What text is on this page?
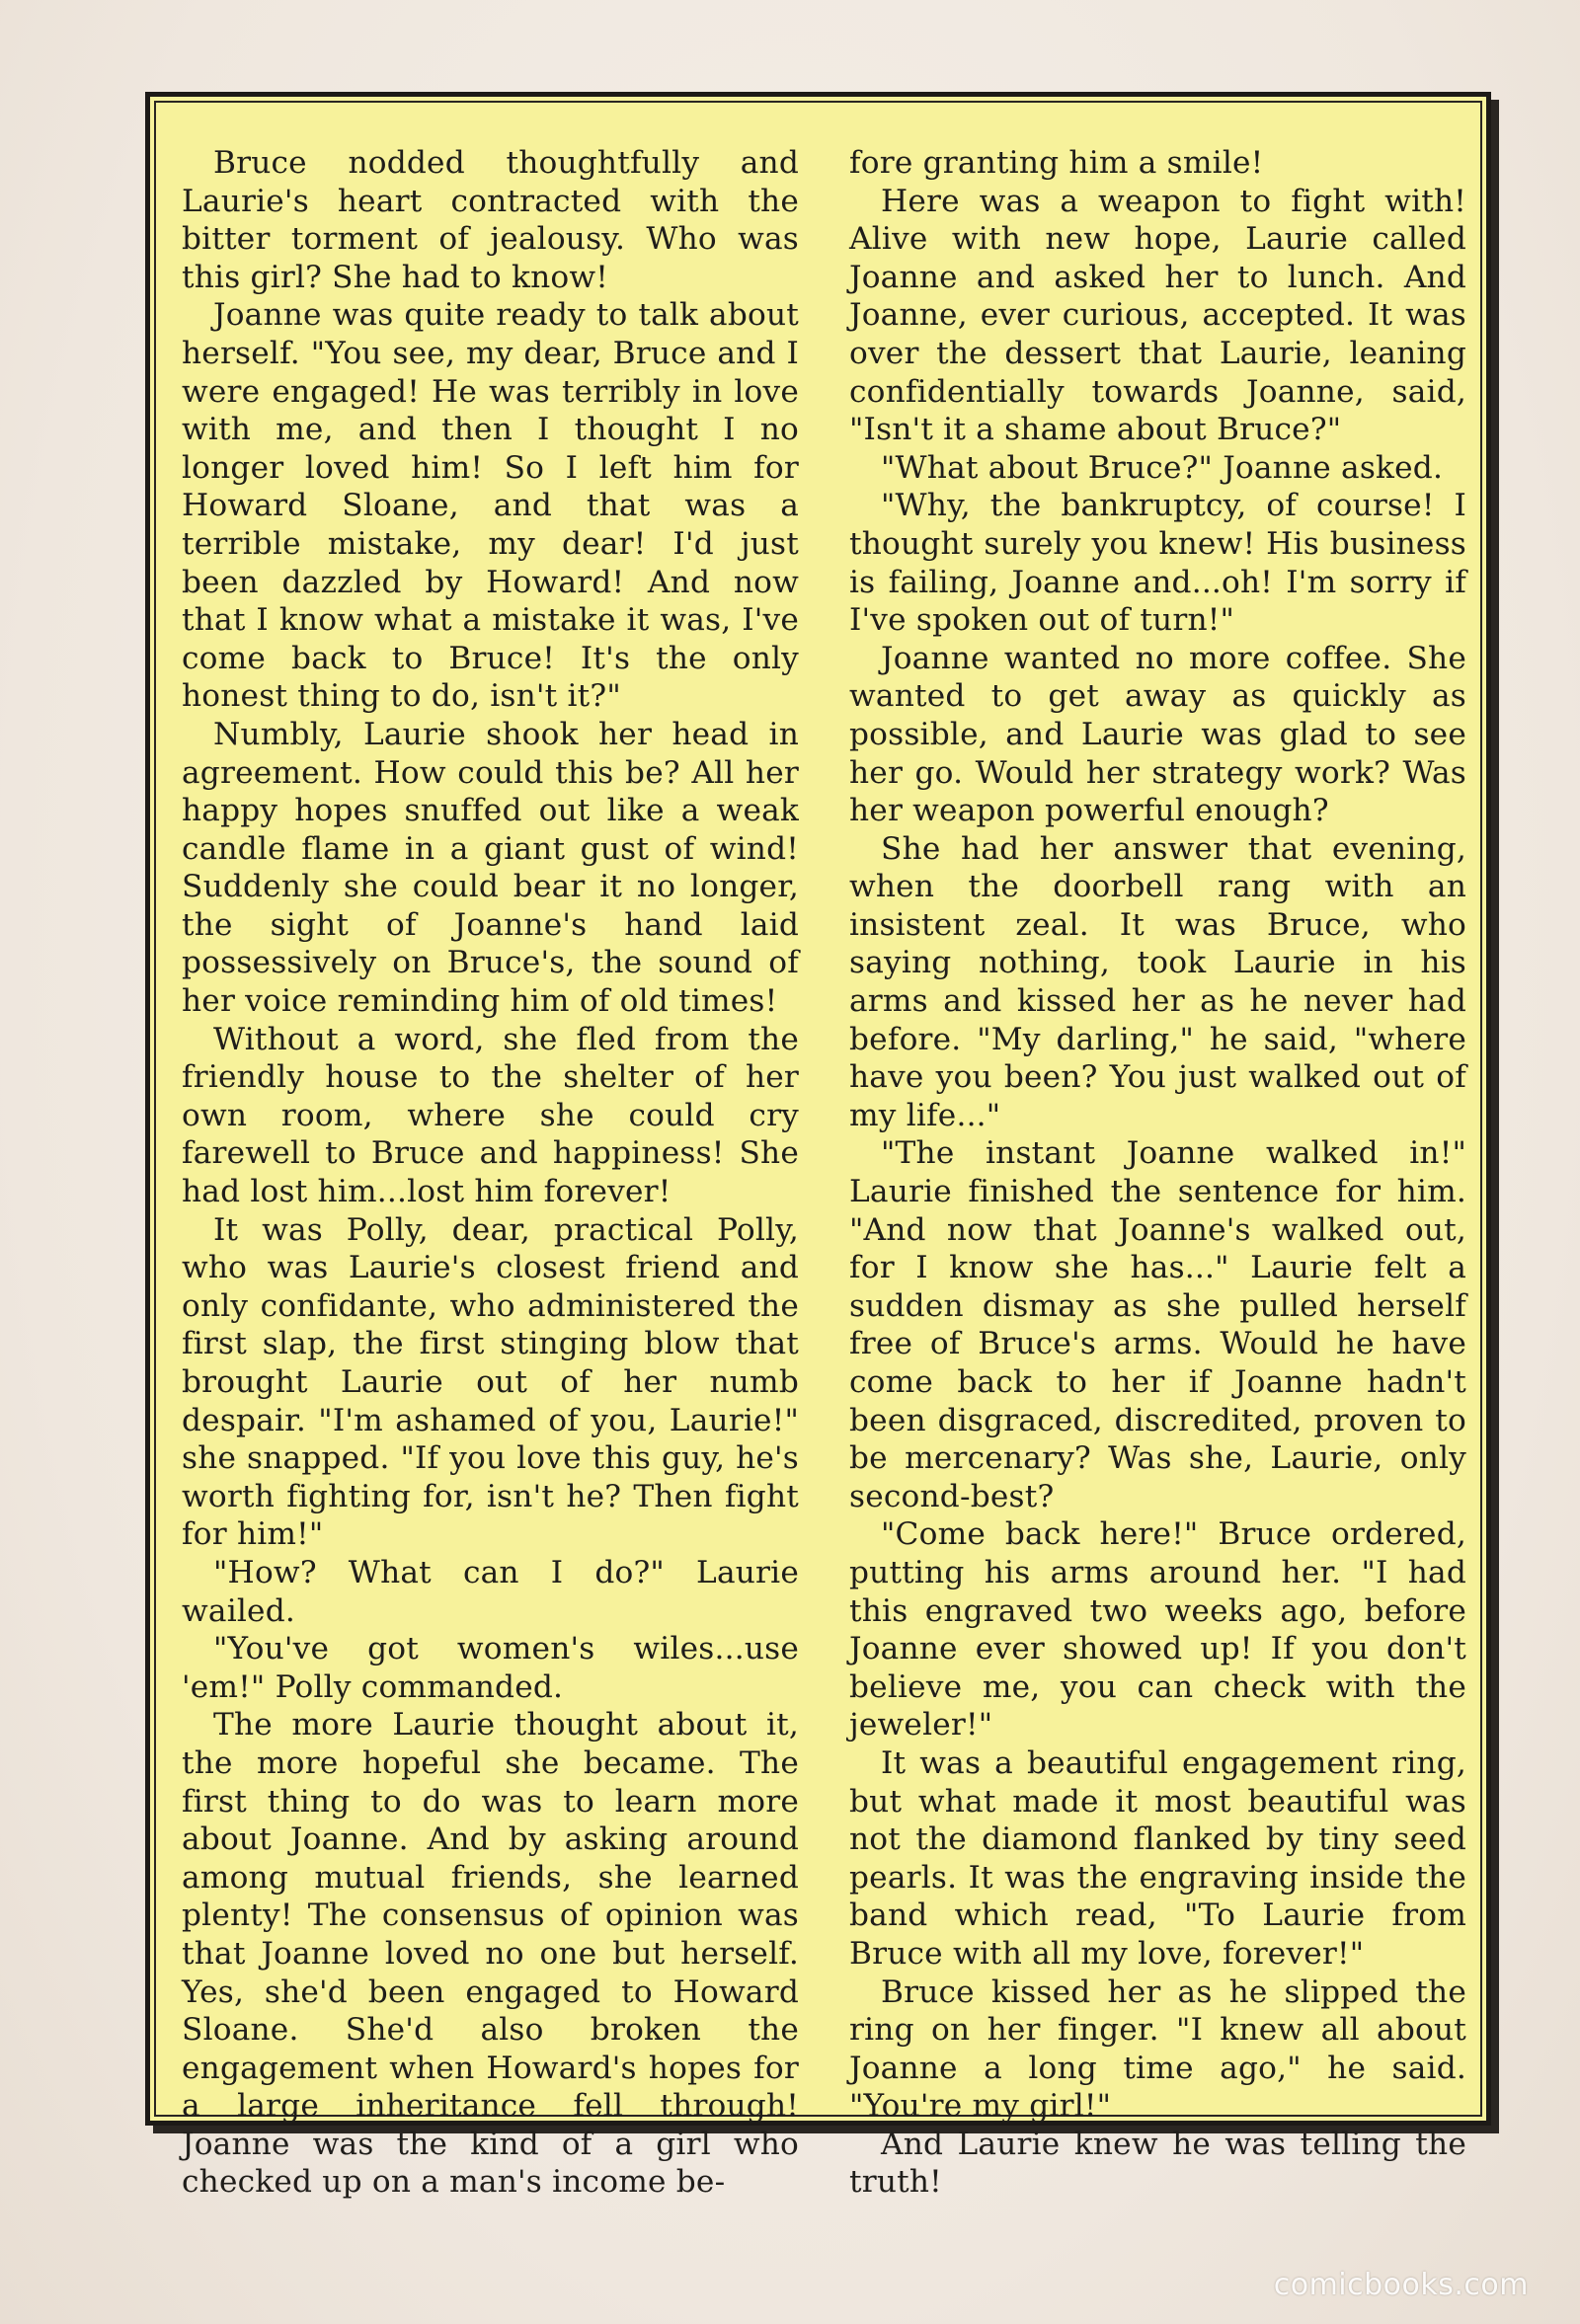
Bruce nodded thoughtfully and Laurie's heart contracted with the bitter torment of jealousy. Who was this girl? She had to know!

Joanne was quite ready to talk about herself. "You see, my dear, Bruce and I were engaged! He was terribly in love with me, and then I thought I no longer loved him! So I left him for Howard Sloane, and that was a terrible mistake, my dear! I'd just been dazzled by Howard! And now that I know what a mistake it was, I've come back to Bruce! It's the only honest thing to do, isn't it?"

Numbly, Laurie shook her head in agreement. How could this be? All her happy hopes snuffed out like a weak candle flame in a giant gust of wind! Suddenly she could bear it no longer, the sight of Joanne's hand laid possessively on Bruce's, the sound of her voice reminding him of old times!

Without a word, she fled from the friendly house to the shelter of her own room, where she could cry farewell to Bruce and happiness! She had lost him...lost him forever!

It was Polly, dear, practical Polly, who was Laurie's closest friend and only confidante, who administered the first slap, the first stinging blow that brought Laurie out of her numb despair. "I'm ashamed of you, Laurie!" she snapped. "If you love this guy, he's worth fighting for, isn't he? Then fight for him!"

"How? What can I do?" Laurie wailed.

"You've got women's wiles...use 'em!" Polly commanded.

The more Laurie thought about it, the more hopeful she became. The first thing to do was to learn more about Joanne. And by asking around among mutual friends, she learned plenty! The consensus of opinion was that Joanne loved no one but herself. Yes, she'd been engaged to Howard Sloane. She'd also broken the engagement when Howard's hopes for a large inheritance fell through! Joanne was the kind of a girl who checked up on a man's income be-

fore granting him a smile!

Here was a weapon to fight with! Alive with new hope, Laurie called Joanne and asked her to lunch. And Joanne, ever curious, accepted. It was over the dessert that Laurie, leaning confidentially towards Joanne, said, "Isn't it a shame about Bruce?"

"What about Bruce?" Joanne asked.

"Why, the bankruptcy, of course! I thought surely you knew! His business is failing, Joanne and...oh! I'm sorry if I've spoken out of turn!"

Joanne wanted no more coffee. She wanted to get away as quickly as possible, and Laurie was glad to see her go. Would her strategy work? Was her weapon powerful enough?

She had her answer that evening, when the doorbell rang with an insistent zeal. It was Bruce, who saying nothing, took Laurie in his arms and kissed her as he never had before. "My darling," he said, "where have you been? You just walked out of my life..."

"The instant Joanne walked in!" Laurie finished the sentence for him. "And now that Joanne's walked out, for I know she has..." Laurie felt a sudden dismay as she pulled herself free of Bruce's arms. Would he have come back to her if Joanne hadn't been disgraced, discredited, proven to be mercenary? Was she, Laurie, only second-best?

"Come back here!" Bruce ordered, putting his arms around her. "I had this engraved two weeks ago, before Joanne ever showed up! If you don't believe me, you can check with the jeweler!"

It was a beautiful engagement ring, but what made it most beautiful was not the diamond flanked by tiny seed pearls. It was the engraving inside the band which read, "To Laurie from Bruce with all my love, forever!"

Bruce kissed her as he slipped the ring on her finger. "I knew all about Joanne a long time ago," he said. "You're my girl!"

And Laurie knew he was telling the truth!

comicbooks.com
